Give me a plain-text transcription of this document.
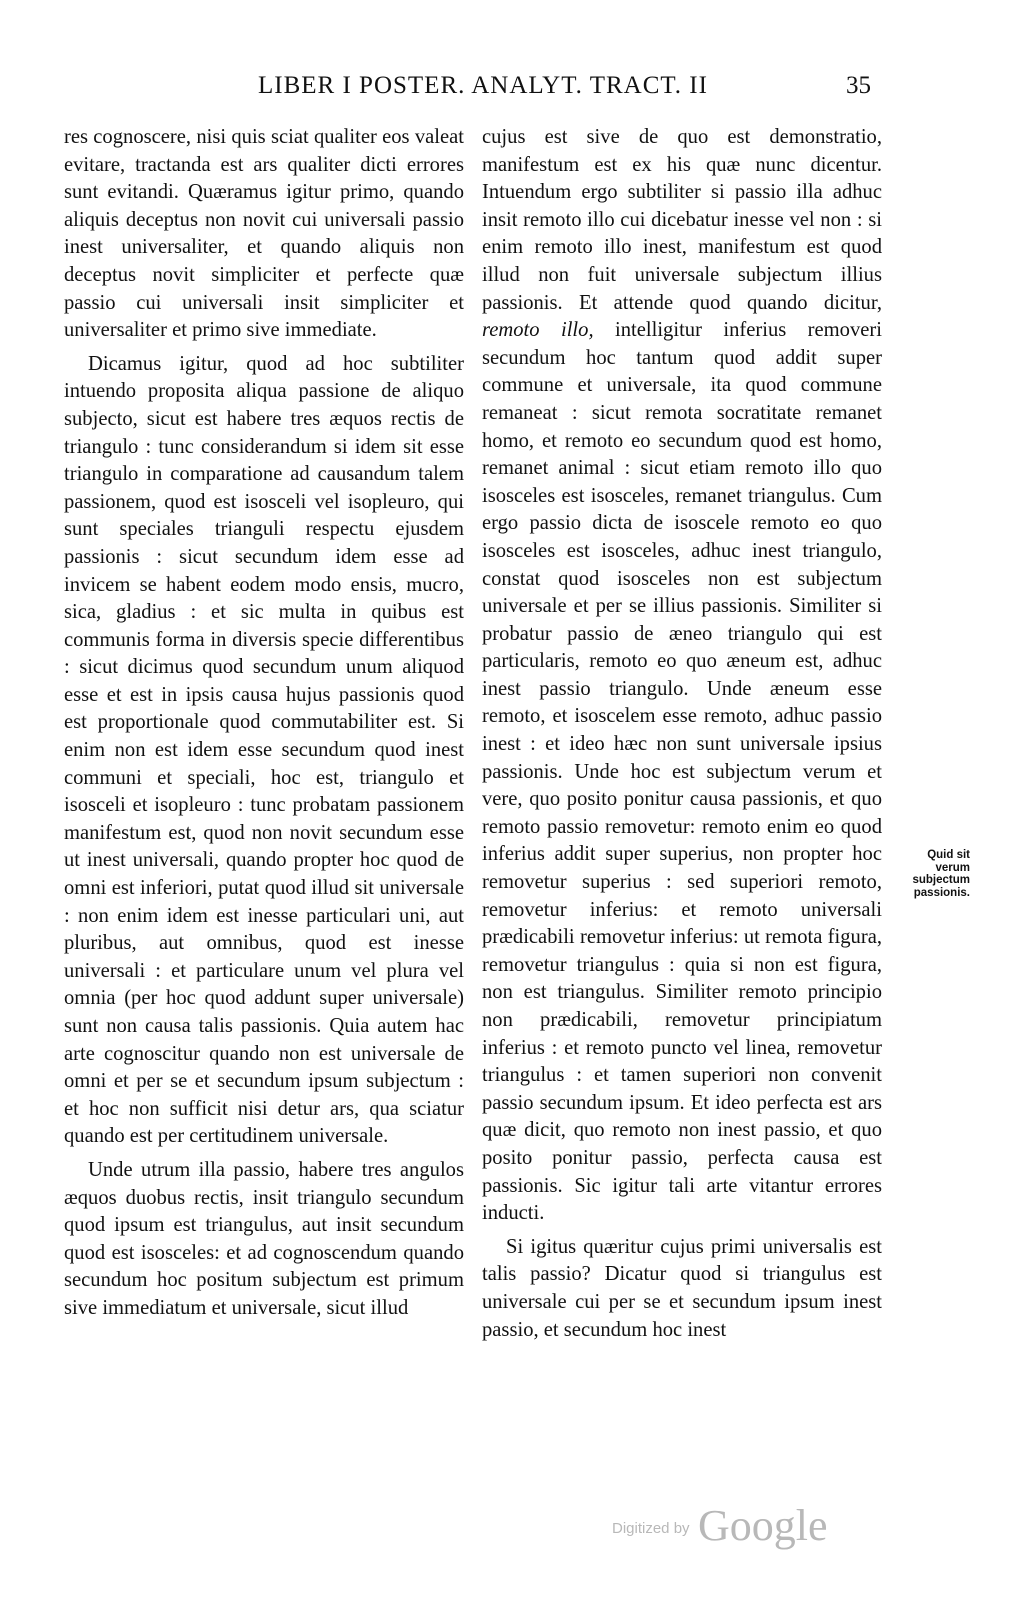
LIBER I POSTER. ANALYT. TRACT. II	35

res cognoscere, nisi quis sciat qualiter eos valeat evitare, tractanda est ars qualiter dicti errores sunt evitandi. Quæramus igitur primo, quando aliquis deceptus non novit cui universali passio inest universaliter, et quando aliquis non deceptus novit simpliciter et perfecte quæ passio cui universali insit simpliciter et universaliter et primo sive immediate.

Dicamus igitur, quod ad hoc subtiliter intuendo proposita aliqua passione de aliquo subjecto, sicut est habere tres æquos rectis de triangulo : tunc considerandum si idem sit esse triangulo in comparatione ad causandum talem passionem, quod est isosceli vel isopleuro, qui sunt speciales trianguli respectu ejusdem passionis : sicut secundum idem esse ad invicem se habent eodem modo ensis, mucro, sica, gladius : et sic multa in quibus est communis forma in diversis specie differentibus : sicut dicimus quod secundum unum aliquod esse et est in ipsis causa hujus passionis quod est proportionale quod commutabiliter est. Si enim non est idem esse secundum quod inest communi et speciali, hoc est, triangulo et isosceli et isopleuro : tunc probatam passionem manifestum est, quod non novit secundum esse ut inest universali, quando propter hoc quod de omni est inferiori, putat quod illud sit universale : non enim idem est inesse particulari uni, aut pluribus, aut omnibus, quod est inesse universali : et particulare unum vel plura vel omnia (per hoc quod addunt super universale) sunt non causa talis passionis. Quia autem hac arte cognoscitur quando non est universale de omni et per se et secundum ipsum subjectum : et hoc non sufficit nisi detur ars, qua sciatur quando est per certitudinem universale.

Unde utrum illa passio, habere tres angulos æquos duobus rectis, insit triangulo secundum quod ipsum est triangulus, aut insit secundum quod est isosceles: et ad cognoscendum quando secundum hoc positum subjectum est primum sive immediatum et universale, sicut illud

cujus est sive de quo est demonstratio, manifestum est ex his quæ nunc dicentur. Intuendum ergo subtiliter si passio illa adhuc insit remoto illo cui dicebatur inesse vel non : si enim remoto illo inest, manifestum est quod illud non fuit universale subjectum illius passionis. Et attende quod quando dicitur, remoto illo, intelligitur inferius removeri secundum hoc tantum quod addit super commune et universale, ita quod commune remaneat : sicut remota socratitate remanet homo, et remoto eo secundum quod est homo, remanet animal : sicut etiam remoto illo quo isosceles est isosceles, remanet triangulus. Cum ergo passio dicta de isoscele remoto eo quo isosceles est isosceles, adhuc inest triangulo, constat quod isosceles non est subjectum universale et per se illius passionis. Similiter si probatur passio de æneo triangulo qui est particularis, remoto eo quo æneum est, adhuc inest passio triangulo. Unde æneum esse remoto, et isoscelem esse remoto, adhuc passio inest : et ideo hæc non sunt universale ipsius passionis. Unde hoc est subjectum verum et vere, quo posito ponitur causa passionis, et quo remoto passio removetur: remoto enim eo quod inferius addit super superius, non propter hoc removetur superius : sed superiori remoto, removetur inferius: et remoto universali prædicabili removetur inferius: ut remota figura, removetur triangulus : quia si non est figura, non est triangulus. Similiter remoto principio non prædicabili, removetur principiatum inferius : et remoto puncto vel linea, removetur triangulus : et tamen superiori non convenit passio secundum ipsum. Et ideo perfecta est ars quæ dicit, quo remoto non inest passio, et quo posito ponitur passio, perfecta causa est passionis. Sic igitur tali arte vitantur errores inducti.

Si igitus quæritur cujus primi universalis est talis passio? Dicatur quod si triangulus est universale cui per se et secundum ipsum inest passio, et secundum hoc inest

Quid sit verum subjectum passionis.
Digitized by Google
